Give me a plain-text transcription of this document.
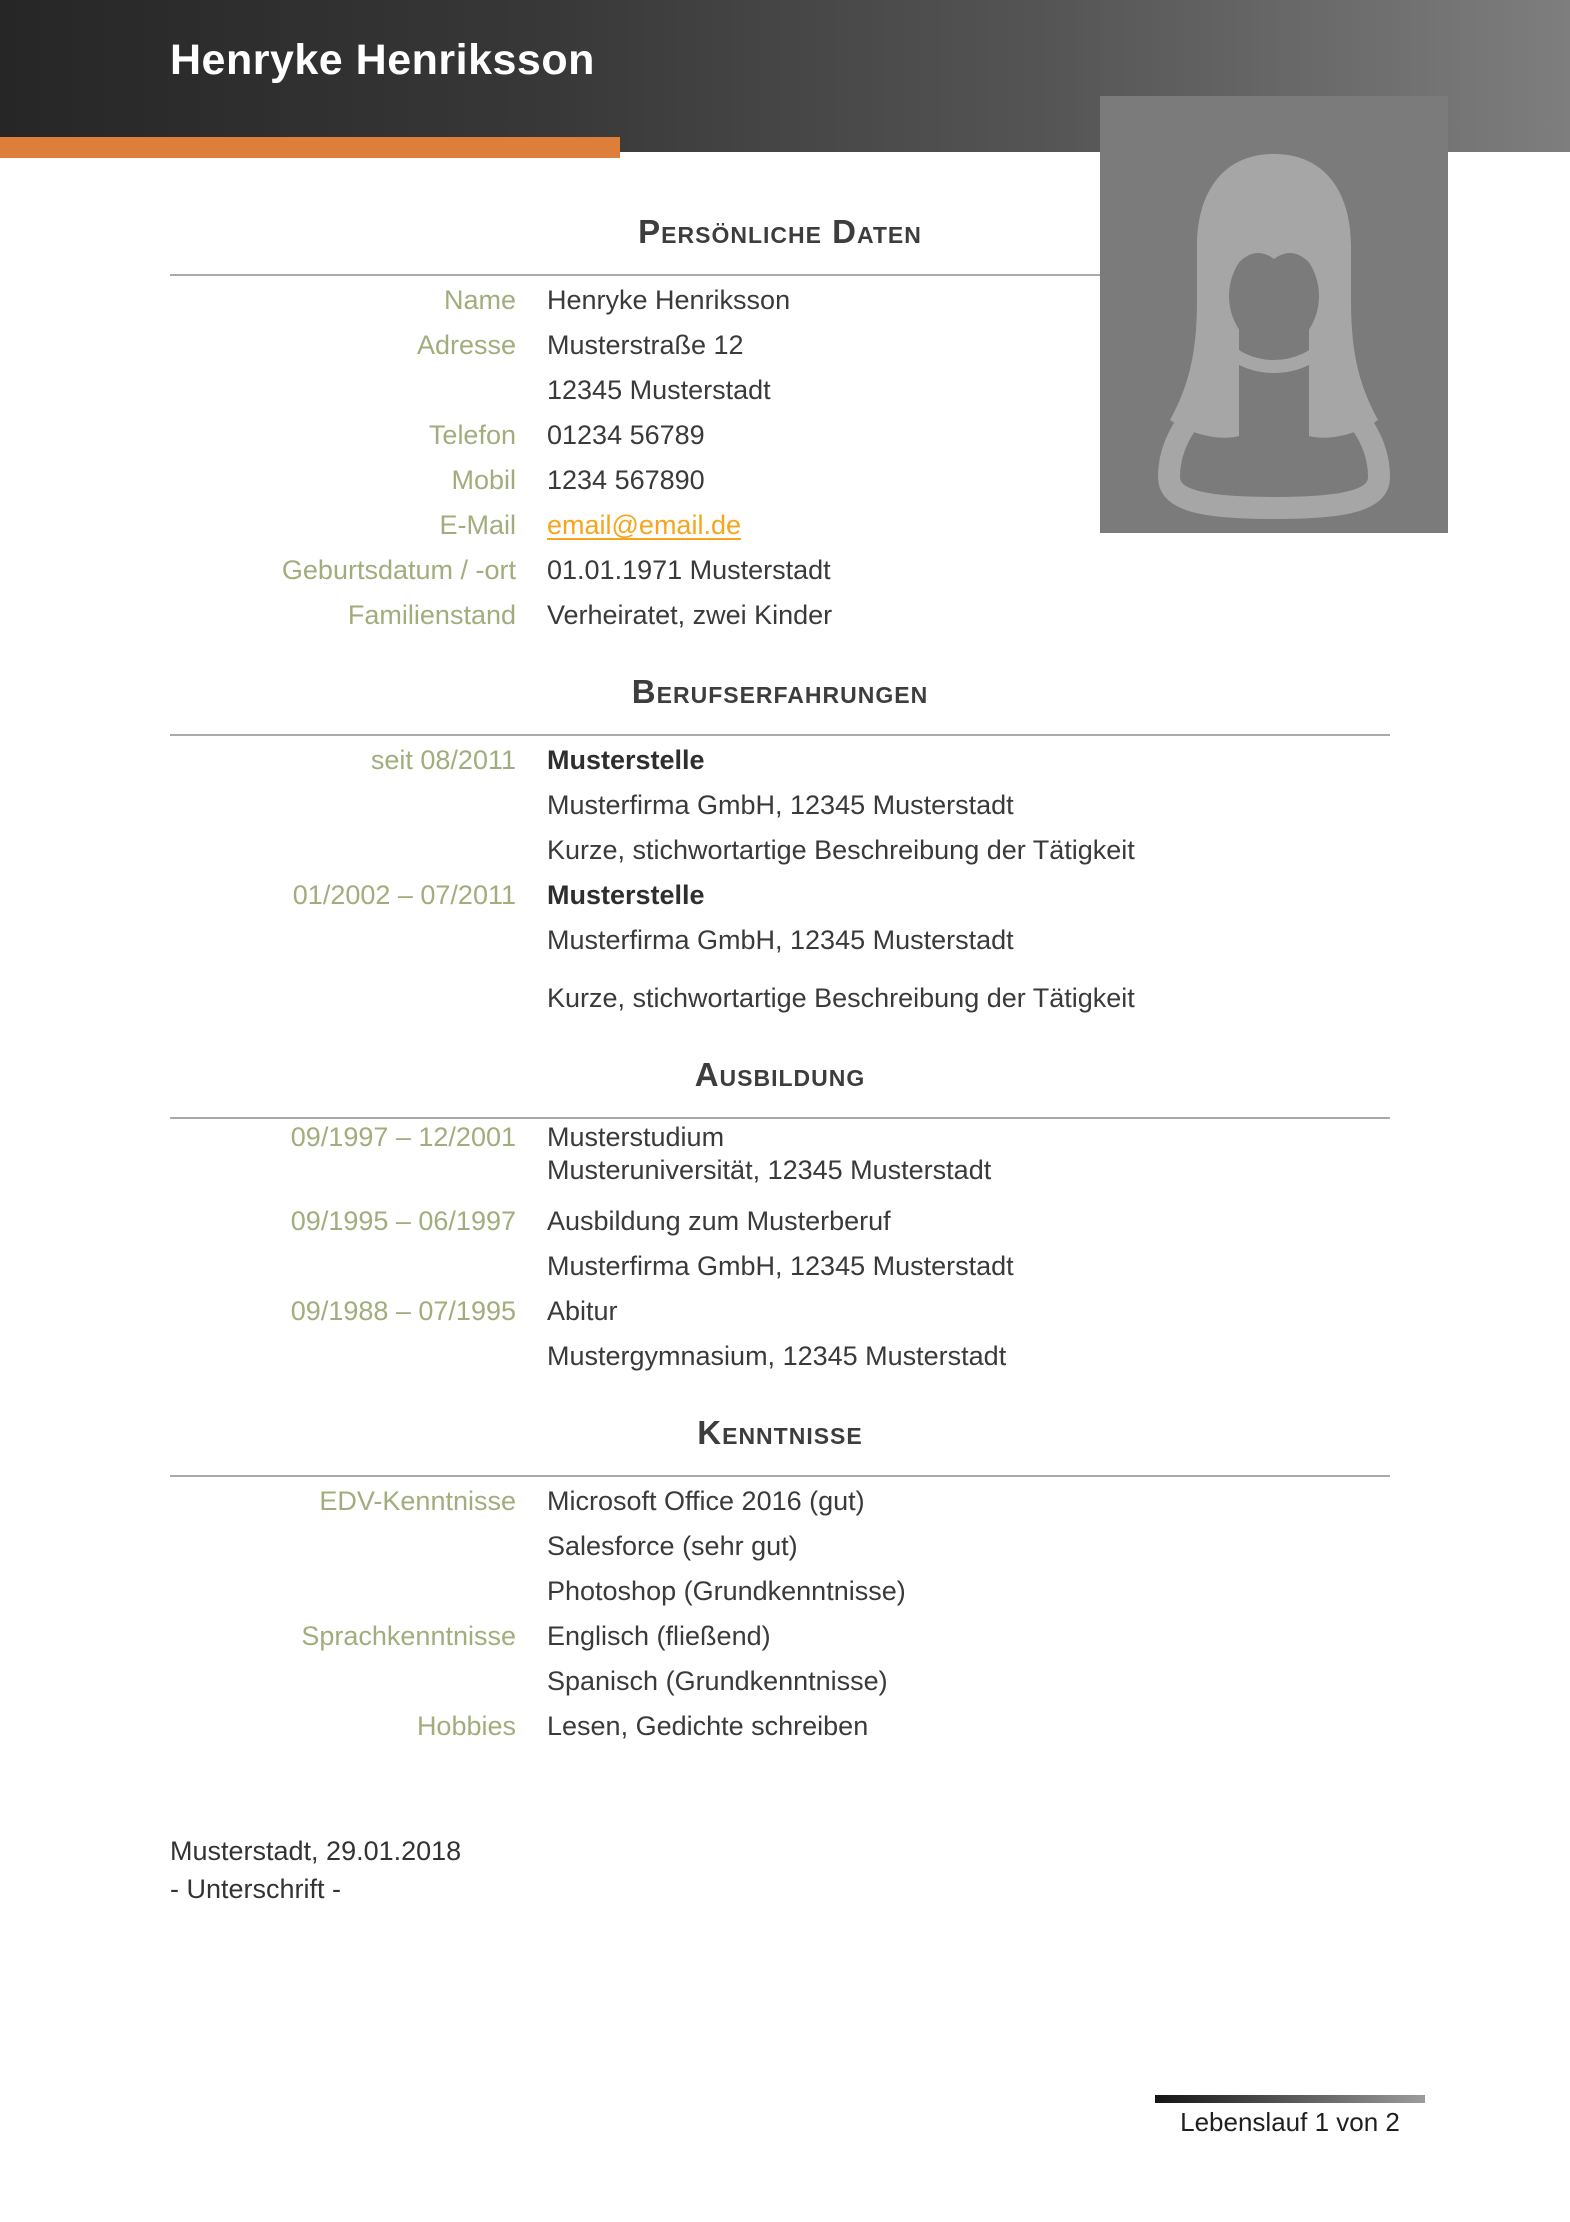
Henryke Henriksson
Persönliche Daten
Name Henryke Henriksson
Adresse Musterstraße 12
12345 Musterstadt
Telefon 01234 56789
Mobil 1234 567890
E-Mail email@email.de
Geburtsdatum / -ort 01.01.1971 Musterstadt
Familienstand Verheiratet, zwei Kinder
Berufserfahrungen
seit 08/2011 Musterstelle
Musterfirma GmbH, 12345 Musterstadt
Kurze, stichwortartige Beschreibung der Tätigkeit
01/2002 – 07/2011 Musterstelle
Musterfirma GmbH, 12345 Musterstadt
Kurze, stichwortartige Beschreibung der Tätigkeit
Ausbildung
09/1997 – 12/2001 Musterstudium
Musteruniversität, 12345 Musterstadt
09/1995 – 06/1997 Ausbildung zum Musterberuf
Musterfirma GmbH, 12345 Musterstadt
09/1988 – 07/1995 Abitur
Mustergymnasium, 12345 Musterstadt
Kenntnisse
EDV-Kenntnisse Microsoft Office 2016 (gut)
Salesforce (sehr gut)
Photoshop (Grundkenntnisse)
Sprachkenntnisse Englisch (fließend)
Spanisch (Grundkenntnisse)
Hobbies Lesen, Gedichte schreiben
Musterstadt, 29.01.2018
- Unterschrift -
Lebenslauf 1 von 2
